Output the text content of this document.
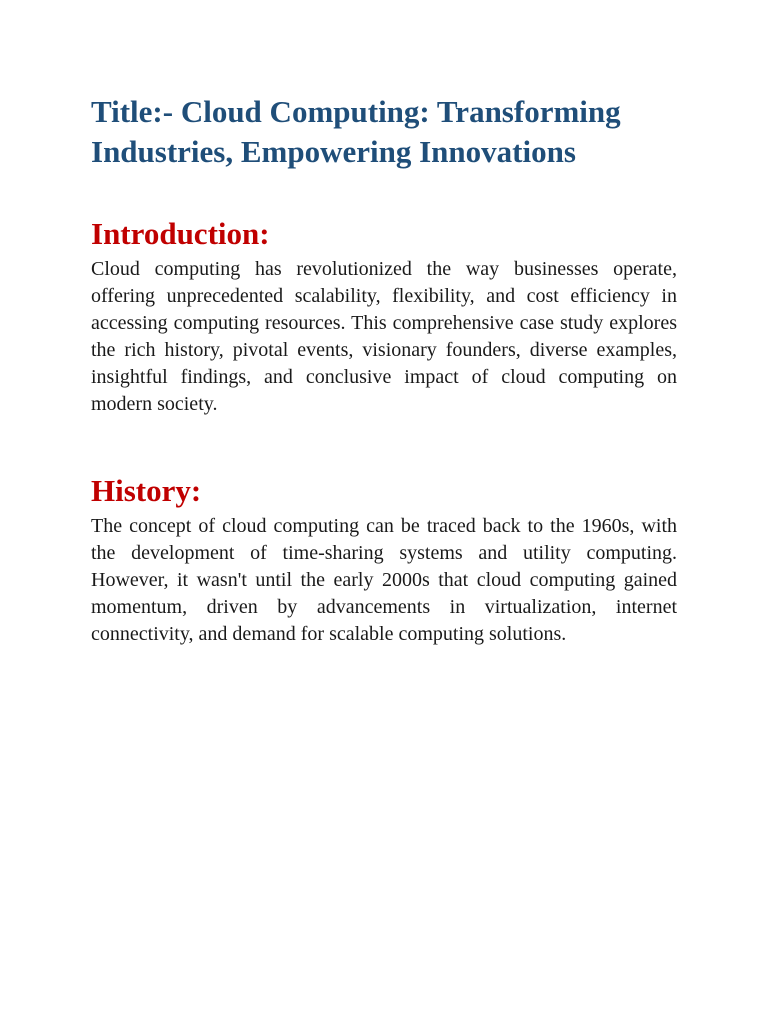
Title:- Cloud Computing: Transforming Industries, Empowering Innovations
Introduction:

Cloud computing has revolutionized the way businesses operate, offering unprecedented scalability, flexibility, and cost efficiency in accessing computing resources. This comprehensive case study explores the rich history, pivotal events, visionary founders, diverse examples, insightful findings, and conclusive impact of cloud computing on modern society.

History:

The concept of cloud computing can be traced back to the 1960s, with the development of time-sharing systems and utility computing. However, it wasn't until the early 2000s that cloud computing gained momentum, driven by advancements in virtualization, internet connectivity, and demand for scalable computing solutions.
